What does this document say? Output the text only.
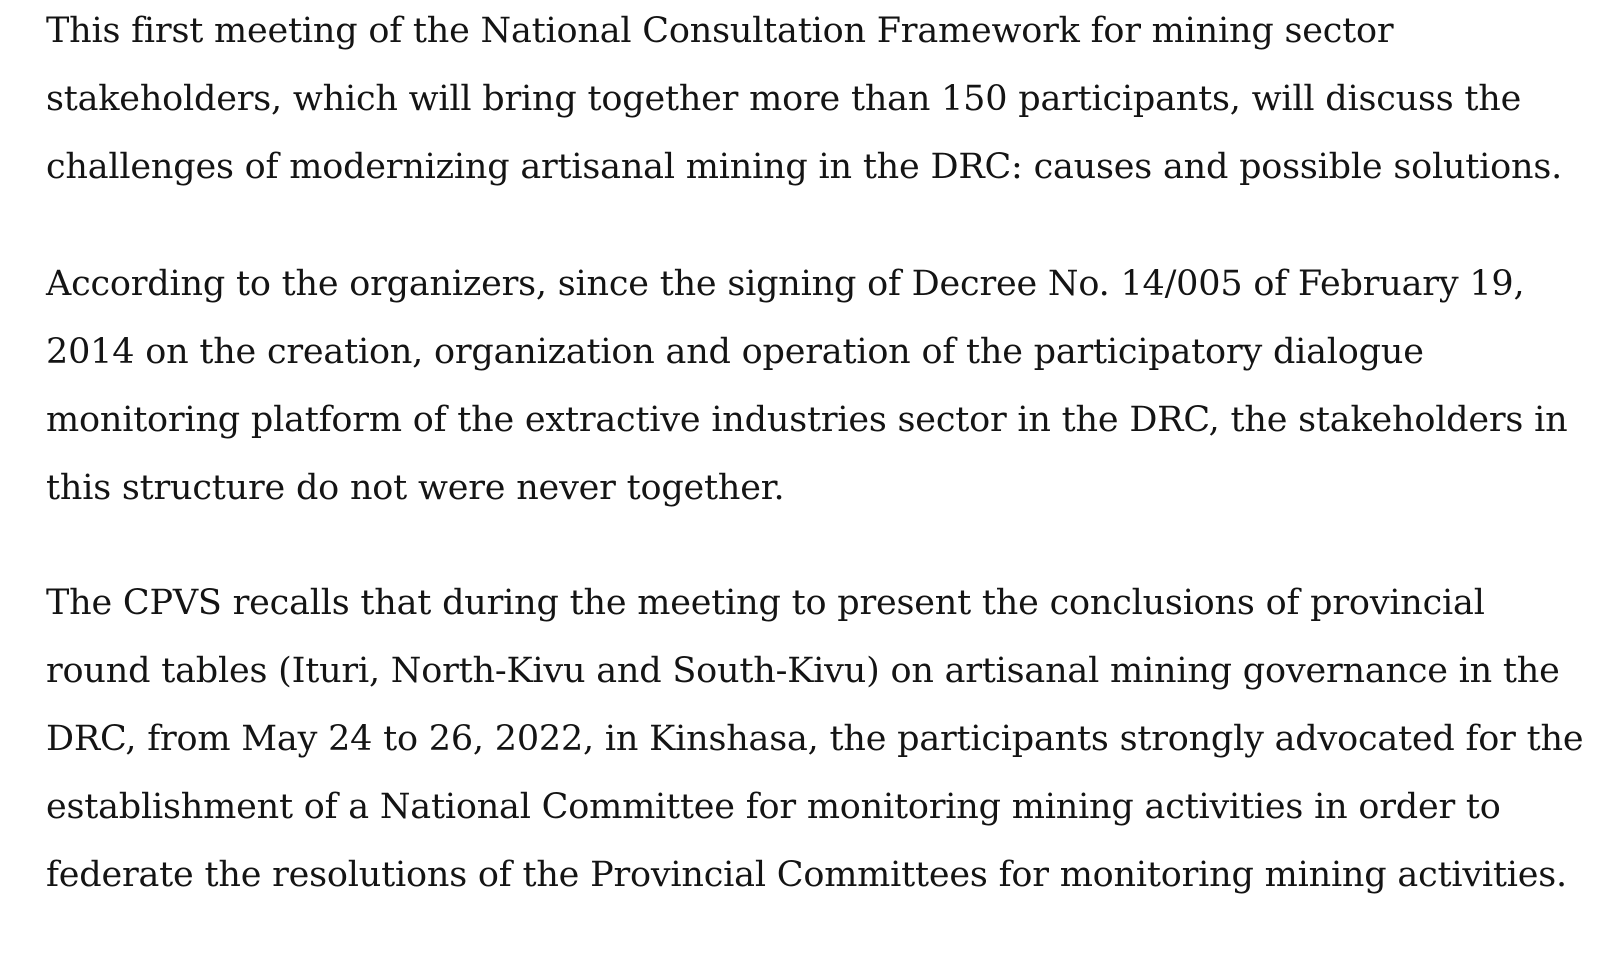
This first meeting of the National Consultation Framework for mining sector
stakeholders, which will bring together more than 150 participants, will discuss the
challenges of modernizing artisanal mining in the DRC: causes and possible solutions.

According to the organizers, since the signing of Decree No. 14/005 of February 19,
2014 on the creation, organization and operation of the participatory dialogue
monitoring platform of the extractive industries sector in the DRC, the stakeholders in
this structure do not were never together.

The CPVS recalls that during the meeting to present the conclusions of provincial
round tables (Ituri, North-Kivu and South-Kivu) on artisanal mining governance in the
DRC, from May 24 to 26, 2022, in Kinshasa, the participants strongly advocated for the
establishment of a National Committee for monitoring mining activities in order to
federate the resolutions of the Provincial Committees for monitoring mining activities.
